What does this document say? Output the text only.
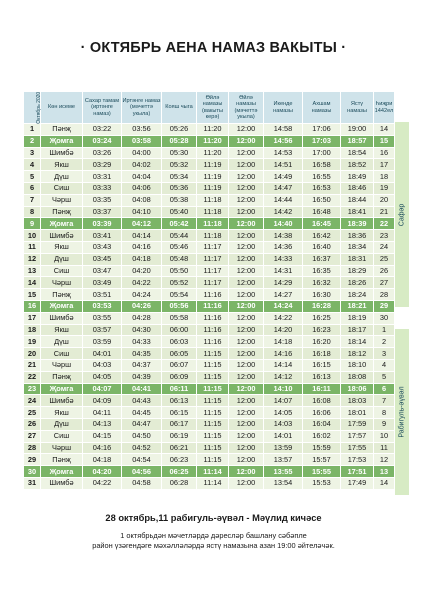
· ОКТЯБРЬ АЕНА НАМАЗ ВАКЫТЫ ·
Октябрь 2020	Көн исеме	Сахар тамам (иртәнге намаз)	Иртәнге намаз (мәчеттә укыла)	Кояш чыга	Өйлә намазы (вакыты керә)	Өйлә намазы (мәчеттә укыла)	Икенде намазы	Ахшам намазы	Ястү намазы	Һиҗри 1442ел
1	Пәнҗ	03:22	03:56	05:26	11:20	12:00	14:58	17:06	19:00	14
2	Җомга	03:24	03:58	05:28	11:20	12:00	14:56	17:03	18:57	15
3	Шимбә	03:26	04:00	05:30	11:20	12:00	14:53	17:00	18:54	16
4	Якш	03:29	04:02	05:32	11:19	12:00	14:51	16:58	18:52	17
5	Дүш	03:31	04:04	05:34	11:19	12:00	14:49	16:55	18:49	18
6	Сиш	03:33	04:06	05:36	11:19	12:00	14:47	16:53	18:46	19
7	Чәрш	03:35	04:08	05:38	11:18	12:00	14:44	16:50	18:44	20
8	Пәнҗ	03:37	04:10	05:40	11:18	12:00	14:42	16:48	18:41	21
9	Җомга	03:39	04:12	05:42	11:18	12:00	14:40	16:45	18:39	22
10	Шимбә	03:41	04:14	05:44	11:18	12:00	14:38	16:42	18:36	23
11	Якш	03:43	04:16	05:46	11:17	12:00	14:36	16:40	18:34	24
12	Дүш	03:45	04:18	05:48	11:17	12:00	14:33	16:37	18:31	25
13	Сиш	03:47	04:20	05:50	11:17	12:00	14:31	16:35	18:29	26
14	Чәрш	03:49	04:22	05:52	11:17	12:00	14:29	16:32	18:26	27
15	Пәнҗ	03:51	04:24	05:54	11:16	12:00	14:27	16:30	18:24	28
16	Җомга	03:53	04:26	05:56	11:16	12:00	14:24	16:28	18:21	29
17	Шимбә	03:55	04:28	05:58	11:16	12:00	14:22	16:25	18:19	30
18	Якш	03:57	04:30	06:00	11:16	12:00	14:20	16:23	18:17	1
19	Дүш	03:59	04:33	06:03	11:16	12:00	14:18	16:20	18:14	2
20	Сиш	04:01	04:35	06:05	11:15	12:00	14:16	16:18	18:12	3
21	Чәрш	04:03	04:37	06:07	11:15	12:00	14:14	16:15	18:10	4
22	Пәнҗ	04:05	04:39	06:09	11:15	12:00	14:12	16:13	18:08	5
23	Җомга	04:07	04:41	06:11	11:15	12:00	14:10	16:11	18:06	6
24	Шимбә	04:09	04:43	06:13	11:15	12:00	14:07	16:08	18:03	7
25	Якш	04:11	04:45	06:15	11:15	12:00	14:05	16:06	18:01	8
26	Дүш	04:13	04:47	06:17	11:15	12:00	14:03	16:04	17:59	9
27	Сиш	04:15	04:50	06:19	11:15	12:00	14:01	16:02	17:57	10
28	Чәрш	04:16	04:52	06:21	11:15	12:00	13:59	15:59	17:55	11
29	Пәнҗ	04:18	04:54	06:23	11:15	12:00	13:57	15:57	17:53	12
30	Җомга	04:20	04:56	06:25	11:14	12:00	13:55	15:55	17:51	13
31	Шимбә	04:22	04:58	06:28	11:14	12:00	13:54	15:53	17:49	14
Сафәр
Рабигуль-әүвәл
28 октябрь,11 рабигуль-әүвәл - Мәүлид кичәсе
1 октябрьдән мәчетләрдә дәресләр башлану сәбәпле
район үзәгендәге мәхәлләләрдә ястү намазына азан 19:00 әйтеләчәк.
